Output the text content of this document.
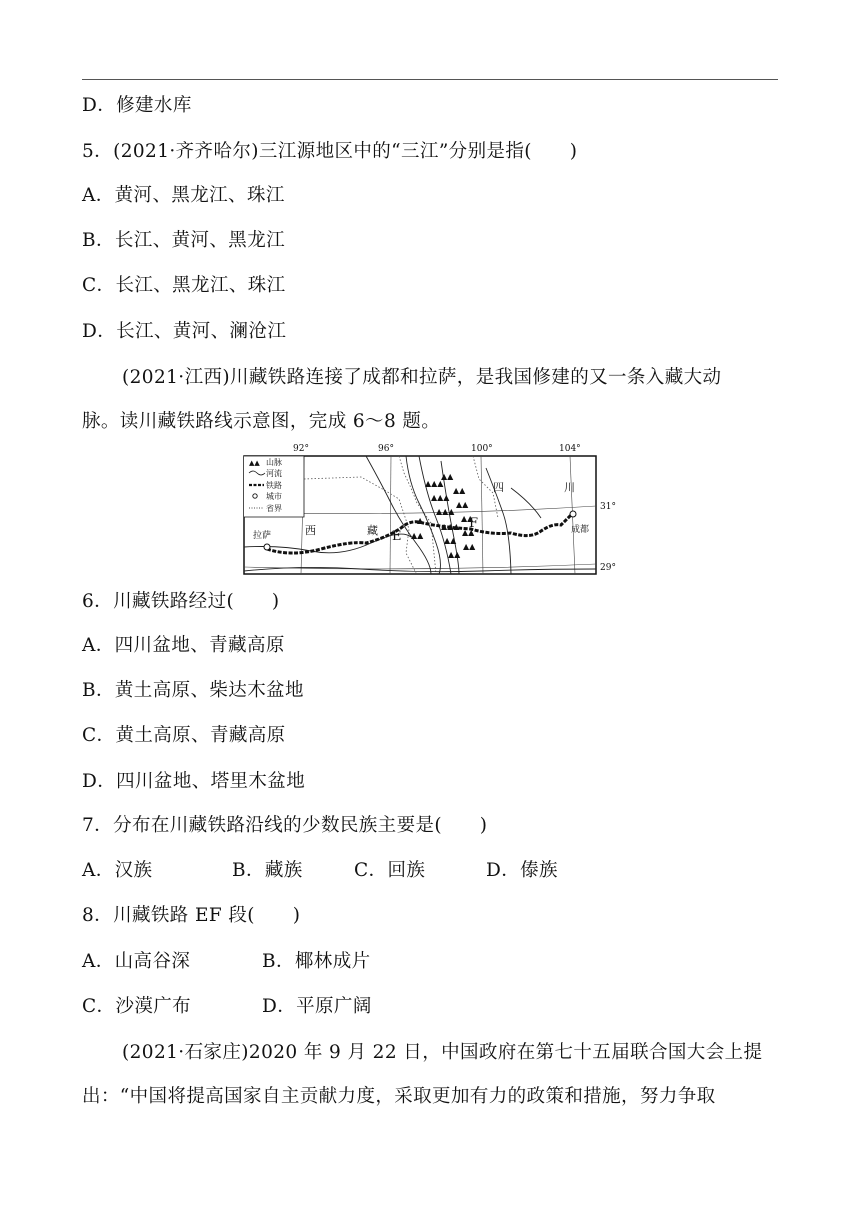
D．修建水库
5．(2021·齐齐哈尔)三江源地区中的“三江”分别是指(　　)
A．黄河、黑龙江、珠江
B．长江、黄河、黑龙江
C．长江、黑龙江、珠江
D．长江、黄河、澜沧江
(2021·江西)川藏铁路连接了成都和拉萨，是我国修建的又一条入藏大动
脉。读川藏铁路线示意图，完成 6～8 题。
92°	96°	100°	104°
31°
29°
▲▲ 山脉
河流
铁路
城市
省界
▲▲▲
▲▲
▲▲▲
▲▲▲
▲▲▲
▲▲
▲▲
▲▲
▲▲
▲▲
▲▲
▲▲
▲
▲▲
拉萨
成都
西	藏
四	川
E
F
6．川藏铁路经过(　　)
A．四川盆地、青藏高原
B．黄土高原、柴达木盆地
C．黄土高原、青藏高原
D．四川盆地、塔里木盆地
7．分布在川藏铁路沿线的少数民族主要是(　　)
A．汉族	B．藏族	C．回族	D．傣族
8．川藏铁路 EF 段(　　)
A．山高谷深	B．椰林成片
C．沙漠广布	D．平原广阔
(2021·石家庄)2020 年 9 月 22 日，中国政府在第七十五届联合国大会上提
出：“中国将提高国家自主贡献力度，采取更加有力的政策和措施，努力争取
